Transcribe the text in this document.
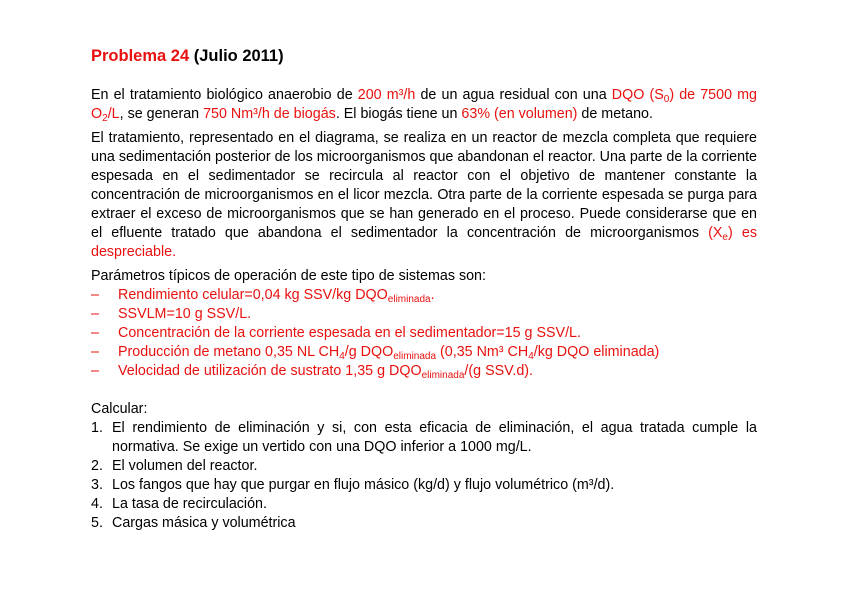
Problema 24 (Julio 2011)

En el tratamiento biológico anaerobio de 200 m³/h de un agua residual con una DQO $(S_0)$ de 7500 mg $O_2/L$, se generan 750 Nm³/h de biogás. El biogás tiene un 63% (en volumen) de metano.

El tratamiento, representado en el diagrama, se realiza en un reactor de mezcla completa que requiere una sedimentación posterior de los microorganismos que abandonan el reactor. Una parte de la corriente espesada en el sedimentador se recircula al reactor con el objetivo de mantener constante la concentración de microorganismos en el licor mezcla. Otra parte de la corriente espesada se purga para extraer el exceso de microorganismos que se han generado en el proceso. Puede considerarse que en el efluente tratado que abandona el sedimentador la concentración de microorganismos $(X_e)$ es despreciable.

Parámetros típicos de operación de este tipo de sistemas son:
– Rendimiento celular=0,04 kg SSV/kg $DQO_{eliminada}$.
– SSVLM=10 g SSV/L.
– Concentración de la corriente espesada en el sedimentador=15 g SSV/L.
– Producción de metano 0,35 NL $CH_4/g$ $DQO_{eliminada}$ (0,35 Nm³ $CH_4/kg$ DQO eliminada)
– Velocidad de utilización de sustrato 1,35 g $DQO_{eliminada}/(g$ SSV.d).
Calcular:
1. El rendimiento de eliminación y si, con esta eficacia de eliminación, el agua tratada cumple la normativa. Se exige un vertido con una DQO inferior a 1000 mg/L.
2. El volumen del reactor.
3. Los fangos que hay que purgar en flujo másico (kg/d) y flujo volumétrico (m³/d).
4. La tasa de recirculación.
5. Cargas másica y volumétrica
